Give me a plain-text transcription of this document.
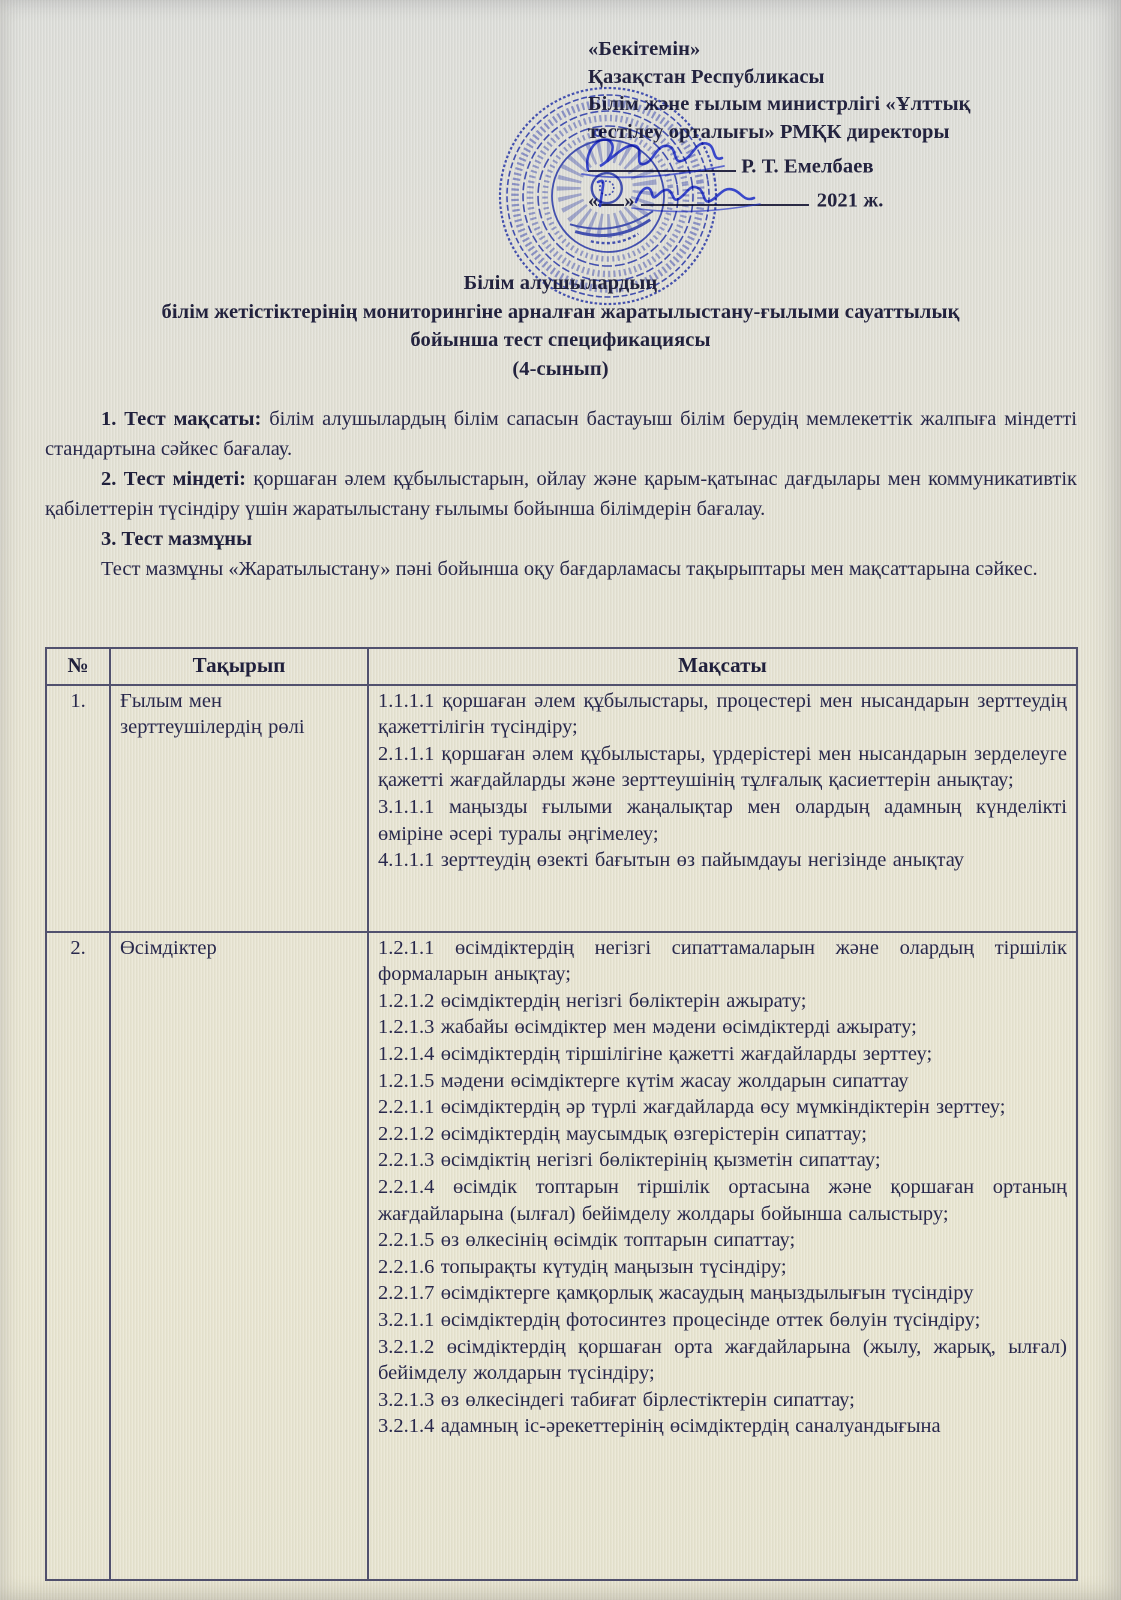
«Бекітемін»
Қазақстан Республикасы
Білім және ғылым министрлігі «Ұлттық
тестілеу орталығы» РМҚК директоры
Р. Т. Емелбаев
« »	2021 ж.
Білім алушылардың
білім жетістіктерінің мониторингіне арналған жаратылыстану-ғылыми сауаттылық
бойынша тест спецификациясы
(4-сынып)

1. Тест мақсаты: білім алушылардың білім сапасын бастауыш білім берудің мемлекеттік жалпыға міндетті стандартына сәйкес бағалау.

2. Тест міндеті: қоршаған әлем құбылыстарын, ойлау және қарым-қатынас дағдылары мен коммуникативтік қабілеттерін түсіндіру үшін жаратылыстану ғылымы бойынша білімдерін бағалау.

3. Тест мазмұны

Тест мазмұны «Жаратылыстану» пәні бойынша оқу бағдарламасы тақырыптары мен мақсаттарына сәйкес.

№	Тақырып	Мақсаты
1.	Ғылым мен зерттеушілердің рөлі	1.1.1.1 қоршаған әлем құбылыстары, процестері мен нысандарын зерттеудің қажеттілігін түсіндіру;
2.1.1.1 қоршаған әлем құбылыстары, үрдерістері мен нысандарын зерделеуге қажетті жағдайларды және зерттеушінің тұлғалық қасиеттерін анықтау;
3.1.1.1 маңызды ғылыми жаңалықтар мен олардың адамның күнделікті өміріне әсері туралы әңгімелеу;
4.1.1.1 зерттеудің өзекті бағытын өз пайымдауы негізінде анықтау

2.	Өсімдіктер	1.2.1.1 өсімдіктердің негізгі сипаттамаларын және олардың тіршілік формаларын анықтау;
1.2.1.2 өсімдіктердің негізгі бөліктерін ажырату;
1.2.1.3 жабайы өсімдіктер мен мәдени өсімдіктерді ажырату;
1.2.1.4 өсімдіктердің тіршілігіне қажетті жағдайларды зерттеу;
1.2.1.5 мәдени өсімдіктерге күтім жасау жолдарын сипаттау
2.2.1.1 өсімдіктердің әр түрлі жағдайларда өсу мүмкіндіктерін зерттеу;
2.2.1.2 өсімдіктердің маусымдық өзгерістерін сипаттау;
2.2.1.3 өсімдіктің негізгі бөліктерінің қызметін сипаттау;
2.2.1.4 өсімдік топтарын тіршілік ортасына және қоршаған ортаның жағдайларына (ылғал) бейімделу жолдары бойынша салыстыру;
2.2.1.5 өз өлкесінің өсімдік топтарын сипаттау;
2.2.1.6 топырақты күтудің маңызын түсіндіру;
2.2.1.7 өсімдіктерге қамқорлық жасаудың маңыздылығын түсіндіру
3.2.1.1 өсімдіктердің фотосинтез процесінде оттек бөлуін түсіндіру;
3.2.1.2 өсімдіктердің қоршаған орта жағдайларына (жылу, жарық, ылғал) бейімделу жолдарын түсіндіру;
3.2.1.3 өз өлкесіндегі табиғат бірлестіктерін сипаттау;
3.2.1.4 адамның іс-әрекеттерінің өсімдіктердің саналуандығына
